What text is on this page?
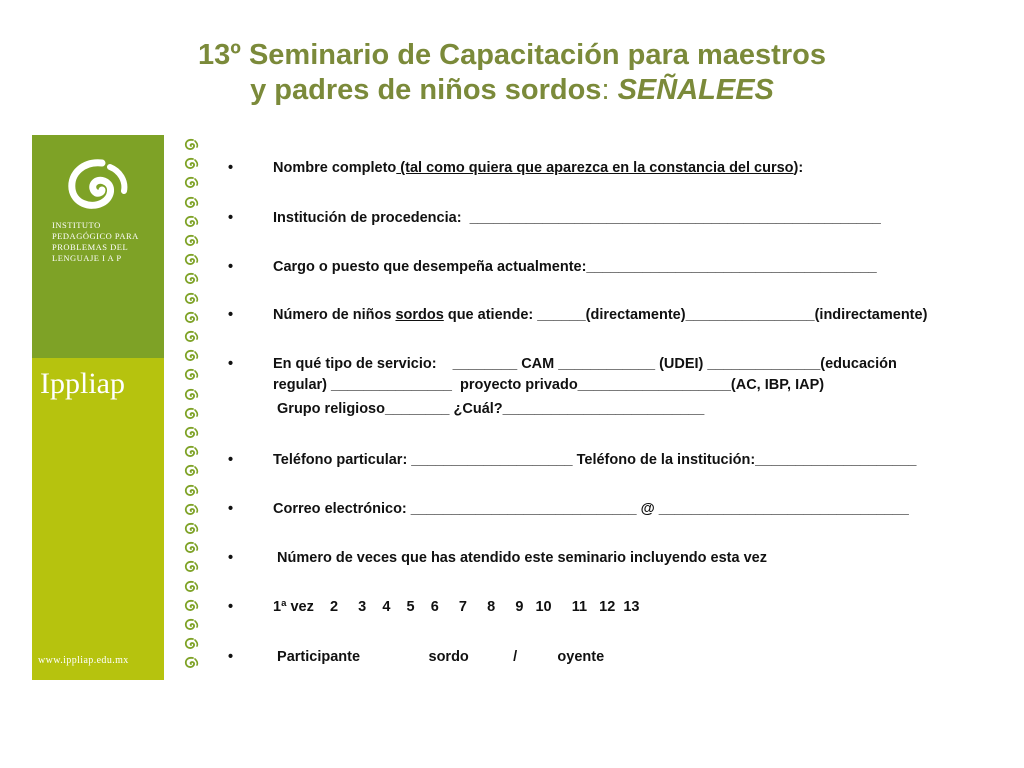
13º Seminario de Capacitación para maestros
y padres de niños sordos: SEÑALEES
INSTITUTO
PEDAGÓGICO PARA
PROBLEMAS DEL
LENGUAJE I A P
Ippliap
www.ippliap.edu.mx
•	Nombre completo (tal como quiera que aparezca en la constancia del curso):
•	Institución de procedencia:  ___________________________________________________
•	Cargo o puesto que desempeña actualmente:____________________________________
•	Número de niños sordos que atiende: ______(directamente)________________(indirectamente)
•	En qué tipo de servicio:    ________ CAM ____________ (UDEI) ______________(educación
regular) _______________  proyecto privado___________________(AC, IBP, IAP)
Grupo religioso________ ¿Cuál?_________________________
•	Teléfono particular: ____________________ Teléfono de la institución:____________________
•	Correo electrónico: ____________________________ @ _______________________________
•	Número de veces que has atendido este seminario incluyendo esta vez
•	1ª vez    2     3    4    5    6     7     8     9   10     11   12  13
•	Participante                 sordo           /          oyente
